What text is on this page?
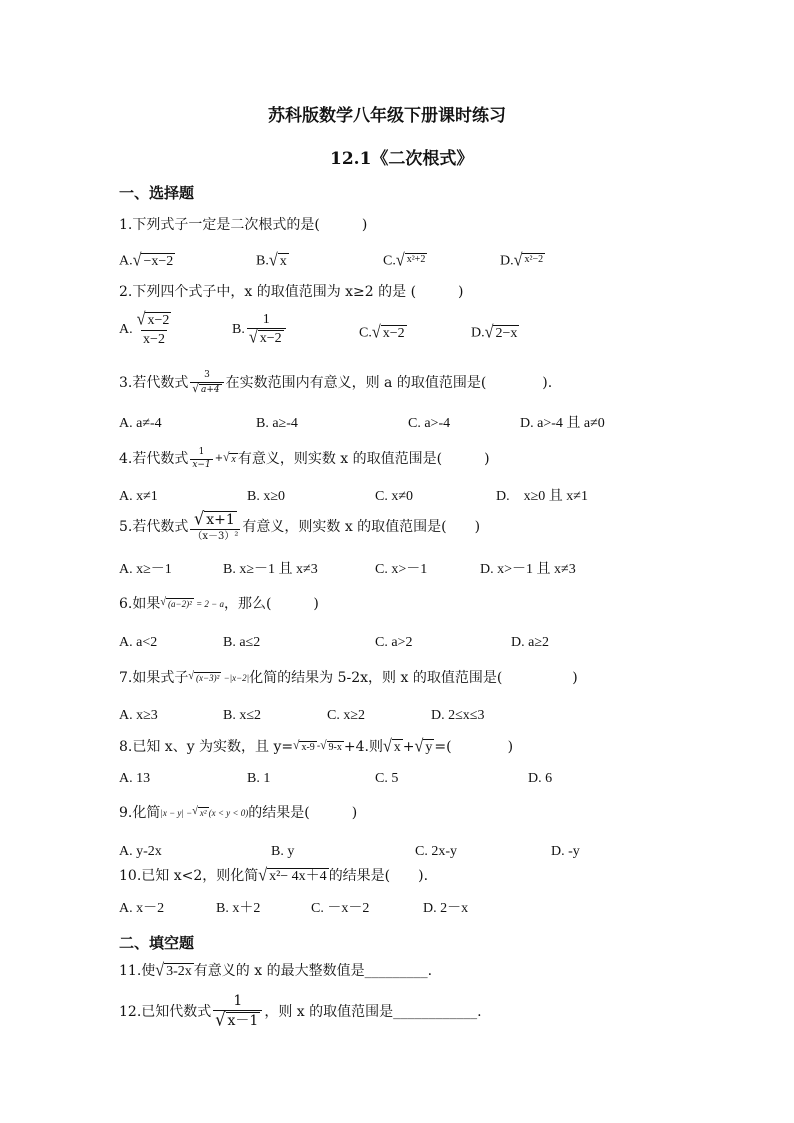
苏科版数学八年级下册课时练习
12.1《二次根式》
一、选择题
1.下列式子一定是二次根式的是(　　　)
A. √ −x−2	B. √ x	C. √ x²+2	D. √ x²−2
2.下列四个式子中，x 的取值范围为 x≥2 的是 (　　　)
A. $\frac{√ x-2}{x-2}$	B. $\frac{1}{√ x-2}$	C. √ x−2	D. √ 2−x
3.若代数式 $\frac{3}{√ a+4}$ 在实数范围内有意义，则 a 的取值范围是(　　　　).
A. a≠-4	B. a≥-4	C. a>-4	D. a>-4 且 a≠0
4.若代数式 $\frac{1}{x-1}$ + √ x 有意义，则实数 x 的取值范围是(　　　)
A. x≠1	B. x≥0	C. x≠0	D.　x≥0 且 x≠1
5.若代数式 $\frac{√ x+1}{\text{（x－3）²}}$ 有意义，则实数 x 的取值范围是(　　)
A. x≥－1	B. x≥－1 且 x≠3	C. x>－1	D. x>－1 且 x≠3
6.如果 √ (a−2)²
= 2 − a ，那么(　　　)
A. a<2	B. a≤2	C. a>2	D. a≥2
7.如果式子 √ (x−3)²
−|x−2| 化简的结果为 5-2x，则 x 的取值范围是(　　　　　)
A. x≥3	B. x≤2	C. x≥2	D. 2≤x≤3
8.已知 x、y 为实数，且 y= √ x-9 - √ 9-x +4.则 √ x + √ y =(　　　　)
A. 13	B. 1	C. 5	D. 6
9.化简 |x − y| − √ x² (x < y < 0) 的结果是(　　　)
A. y-2x	B. y	C. 2x-y	D. -y
10.已知 x<2，则化简 √ x²− 4x＋4 的结果是(　　).
A. x－2	B. x＋2	C. －x－2	D. 2－x
二、填空题
11.使 √ 3-2x 有意义的 x 的最大整数值是_________.
12.已知代数式 $\frac{1}{√ x-1}$ ，则 x 的取值范围是____________.
